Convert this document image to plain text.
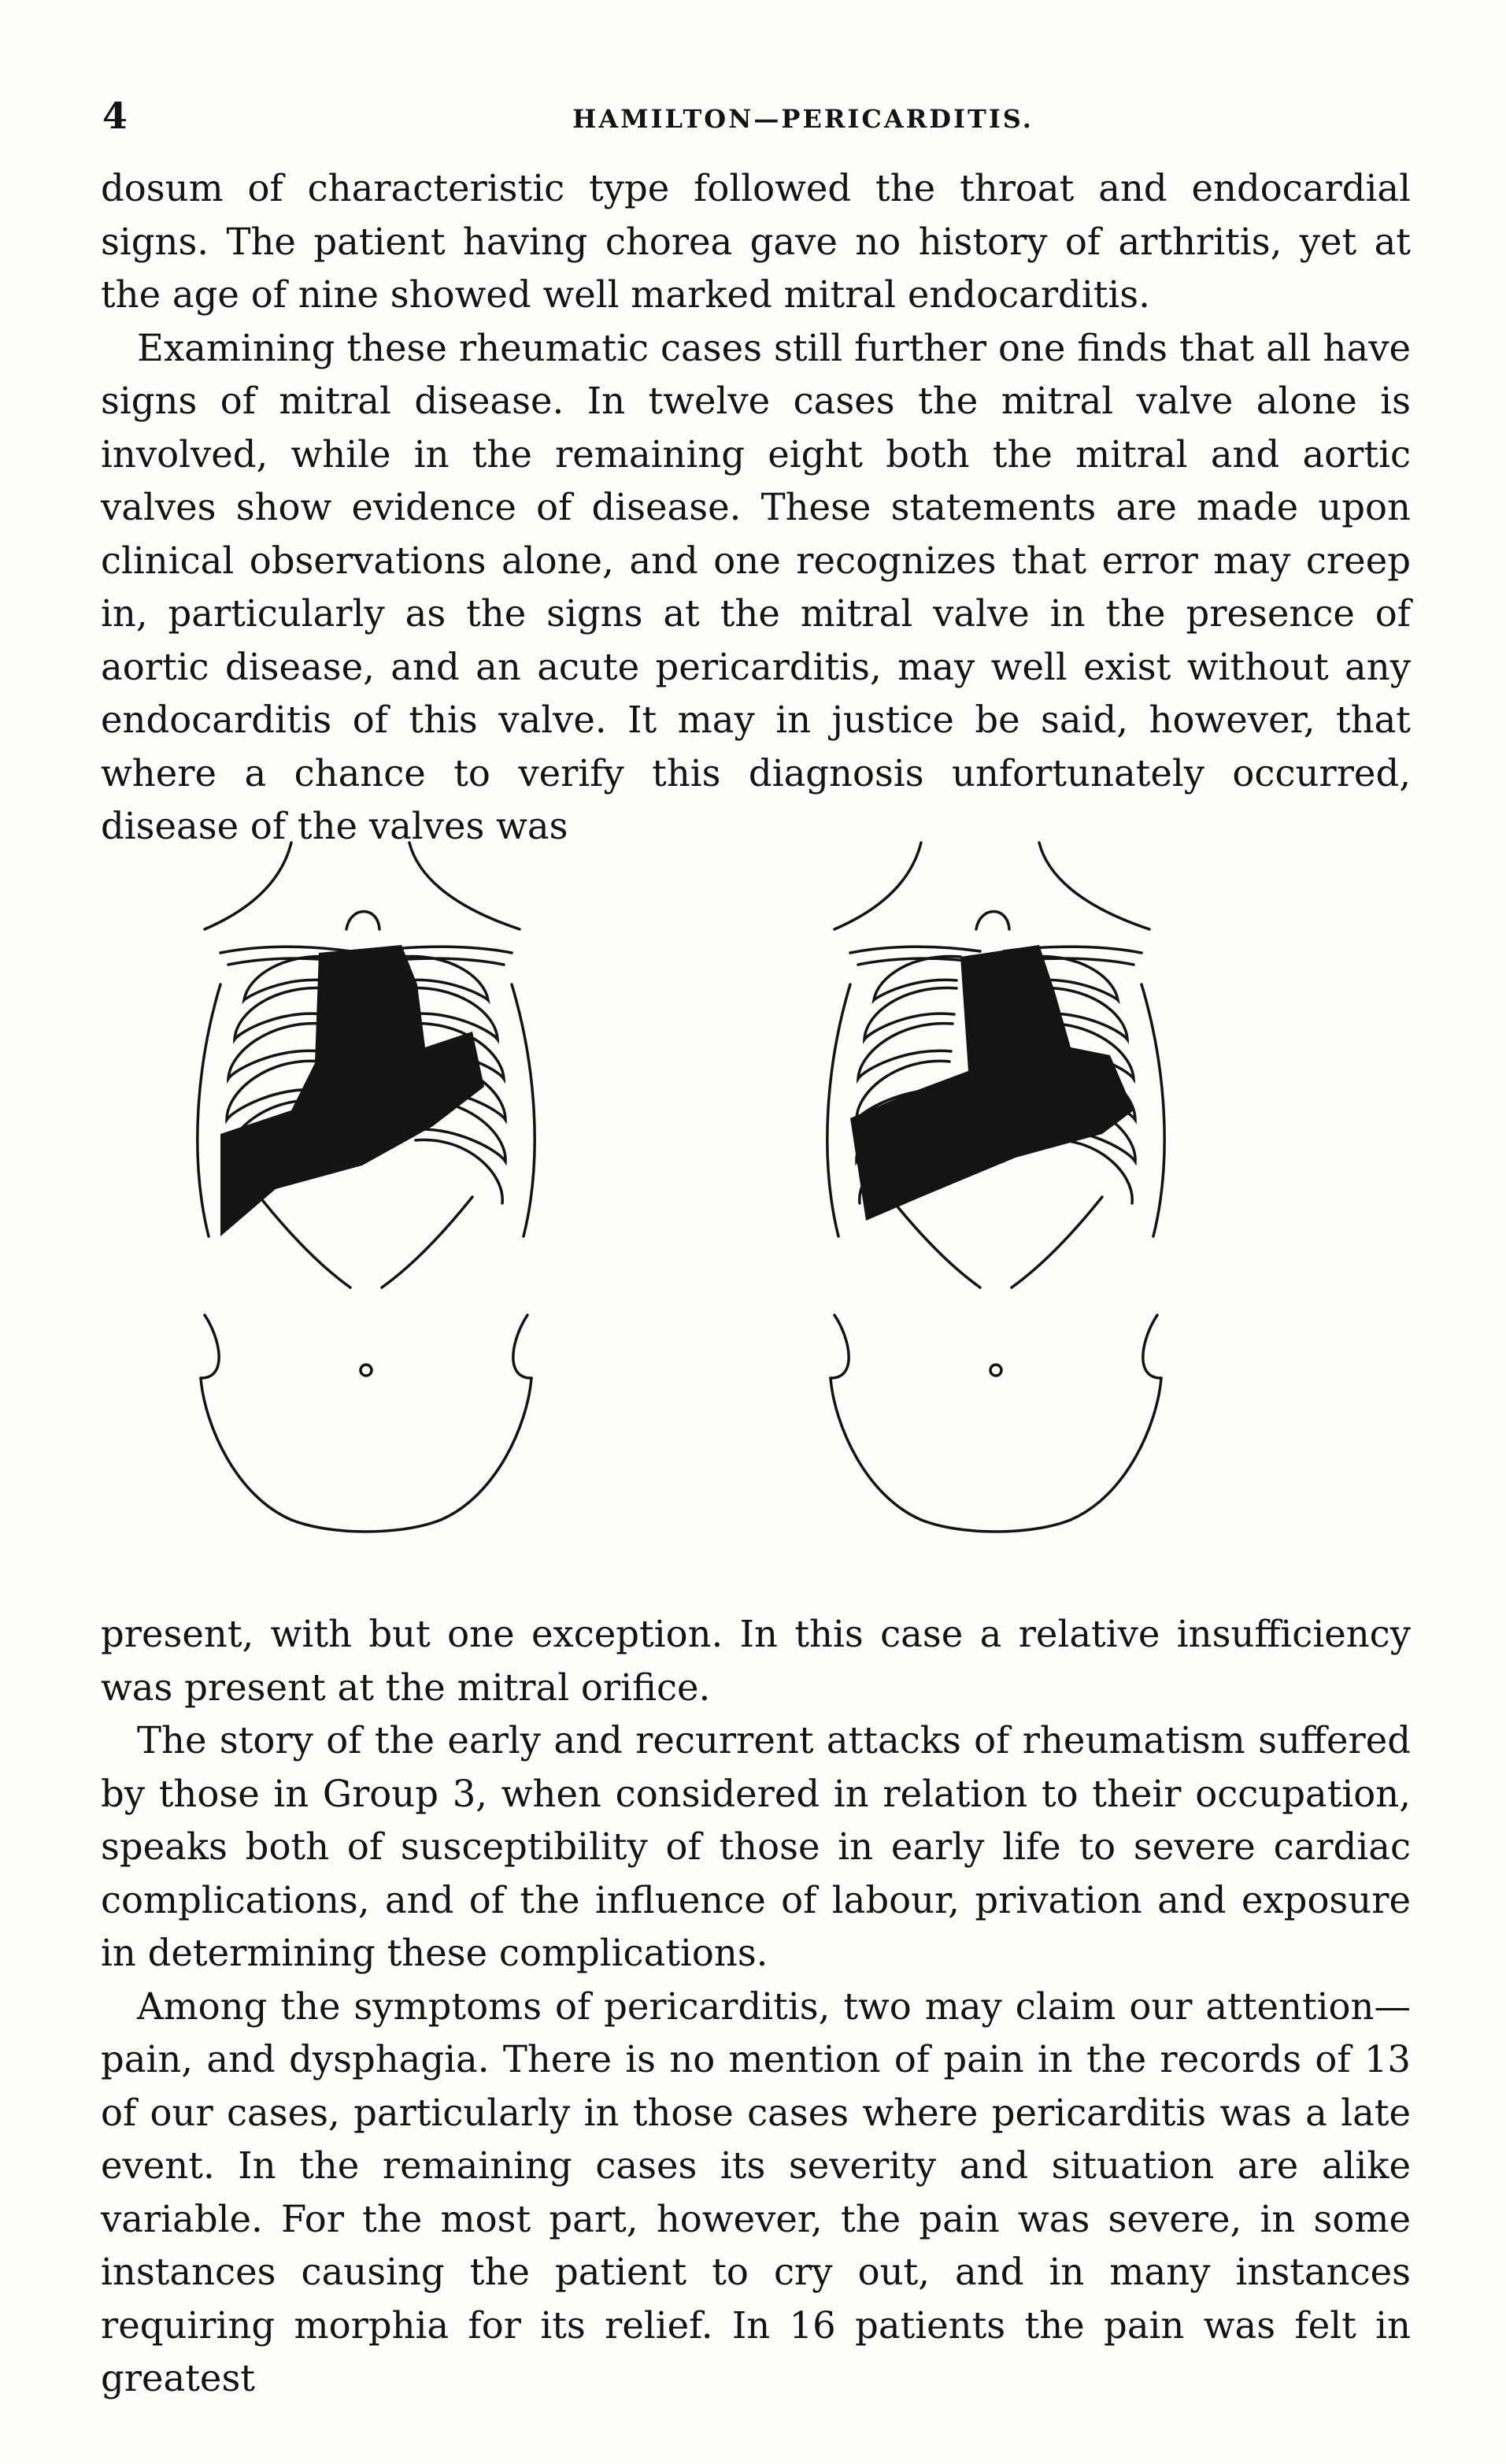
4	HAMILTON—PERICARDITIS.

dosum of characteristic type followed the throat and endocardial signs. The patient having chorea gave no history of arthritis, yet at the age of nine showed well marked mitral endocarditis.

Examining these rheumatic cases still further one finds that all have signs of mitral disease. In twelve cases the mitral valve alone is involved, while in the remaining eight both the mitral and aortic valves show evidence of disease. These statements are made upon clinical observations alone, and one recognizes that error may creep in, particularly as the signs at the mitral valve in the presence of aortic disease, and an acute pericarditis, may well exist without any endocarditis of this valve. It may in justice be said, however, that where a chance to verify this diagnosis unfortunately occurred, disease of the valves was

present, with but one exception. In this case a relative insufficiency was present at the mitral orifice.

The story of the early and recurrent attacks of rheumatism suffered by those in Group 3, when considered in relation to their occupation, speaks both of susceptibility of those in early life to severe cardiac complications, and of the influence of labour, privation and exposure in determining these complications.

Among the symptoms of pericarditis, two may claim our attention—pain, and dysphagia. There is no mention of pain in the records of 13 of our cases, particularly in those cases where pericarditis was a late event. In the remaining cases its severity and situation are alike variable. For the most part, however, the pain was severe, in some instances causing the patient to cry out, and in many instances requiring morphia for its relief. In 16 patients the pain was felt in greatest
